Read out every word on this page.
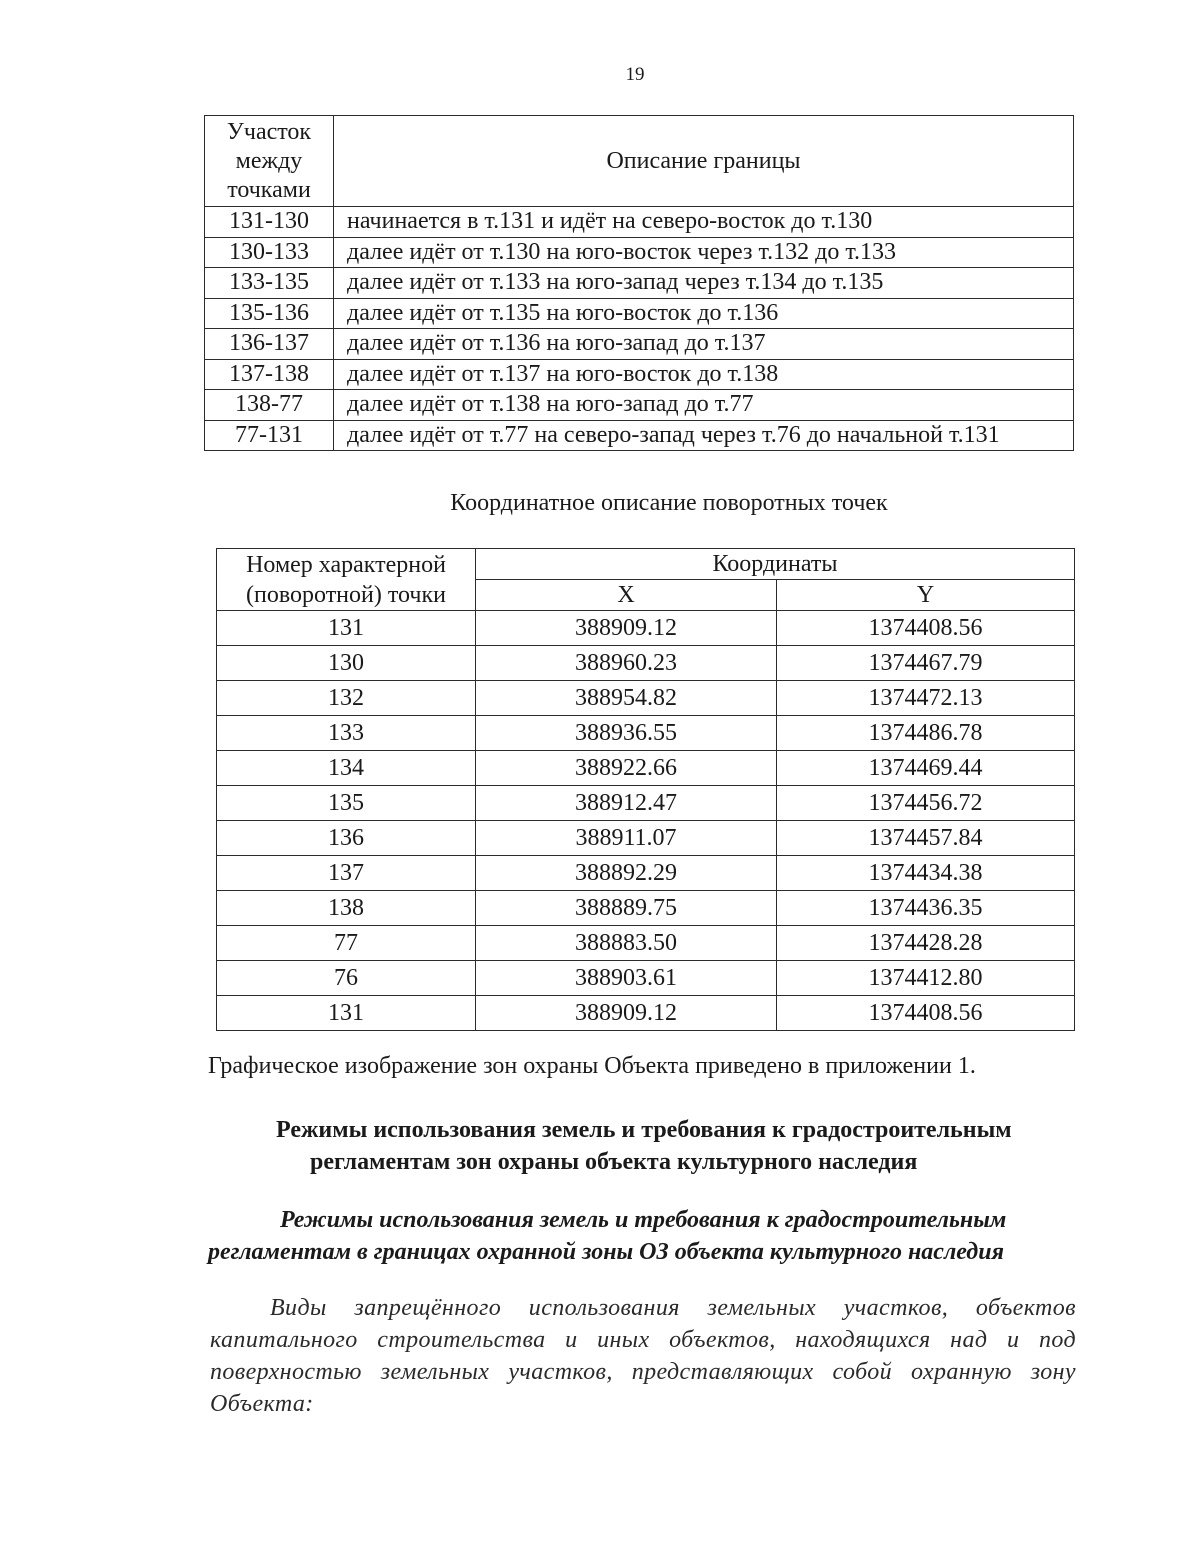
19
Участок между точками	Описание границы
131-130	начинается в т.131 и идёт на северо-восток до т.130
130-133	далее идёт от т.130 на юго-восток через т.132 до т.133
133-135	далее идёт от т.133 на юго-запад через т.134 до т.135
135-136	далее идёт от т.135 на юго-восток до т.136
136-137	далее идёт от т.136 на юго-запад до т.137
137-138	далее идёт от т.137 на юго-восток до т.138
138-77	далее идёт от т.138 на юго-запад до т.77
77-131	далее идёт от т.77 на северо-запад через т.76 до начальной т.131
Координатное описание поворотных точек
Номер характерной (поворотной) точки	Координаты	
	X	Y
131	388909.12	1374408.56
130	388960.23	1374467.79
132	388954.82	1374472.13
133	388936.55	1374486.78
134	388922.66	1374469.44
135	388912.47	1374456.72
136	388911.07	1374457.84
137	388892.29	1374434.38
138	388889.75	1374436.35
77	388883.50	1374428.28
76	388903.61	1374412.80
131	388909.12	1374408.56
Графическое изображение зон охраны Объекта приведено в приложении 1.
Режимы использования земель и требования к градостроительным
регламентам зон охраны объекта культурного наследия
Режимы использования земель и требования к градостроительным
регламентам в границах охранной зоны ОЗ объекта культурного наследия
Виды запрещённого использования земельных участков, объектов капитального строительства и иных объектов, находящихся над и под поверхностью земельных участков, представляющих собой охранную зону Объекта:
